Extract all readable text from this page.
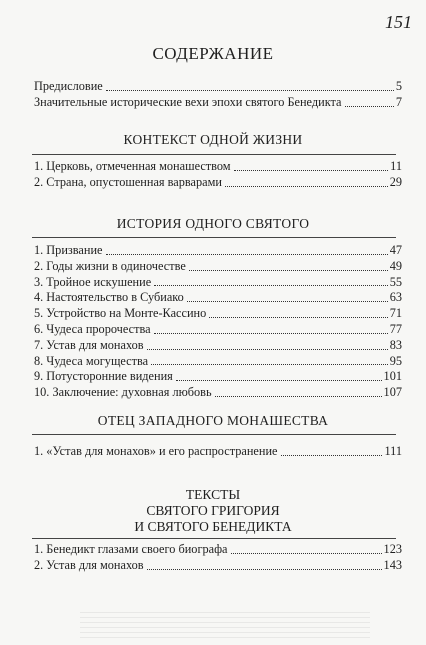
151
СОДЕРЖАНИЕ
Предисловие	5
Значительные исторические вехи эпохи святого Бенедикта	7
КОНТЕКСТ ОДНОЙ ЖИЗНИ
1. Церковь, отмеченная монашеством	11
2. Страна, опустошенная варварами	29
ИСТОРИЯ ОДНОГО СВЯТОГО
1. Призвание	47
2. Годы жизни в одиночестве	49
3. Тройное искушение	55
4. Настоятельство в Субиако	63
5. Устройство на Монте-Кассино	71
6. Чудеса пророчества	77
7. Устав для монахов	83
8. Чудеса могущества	95
9. Потусторонние видения	101
10. Заключение: духовная любовь	107
ОТЕЦ ЗАПАДНОГО МОНАШЕСТВА
1. «Устав для монахов» и его распространение	111
ТЕКСТЫ
СВЯТОГО ГРИГОРИЯ
И СВЯТОГО БЕНЕДИКТА
1. Бенедикт глазами своего биографа	123
2. Устав для монахов	143
